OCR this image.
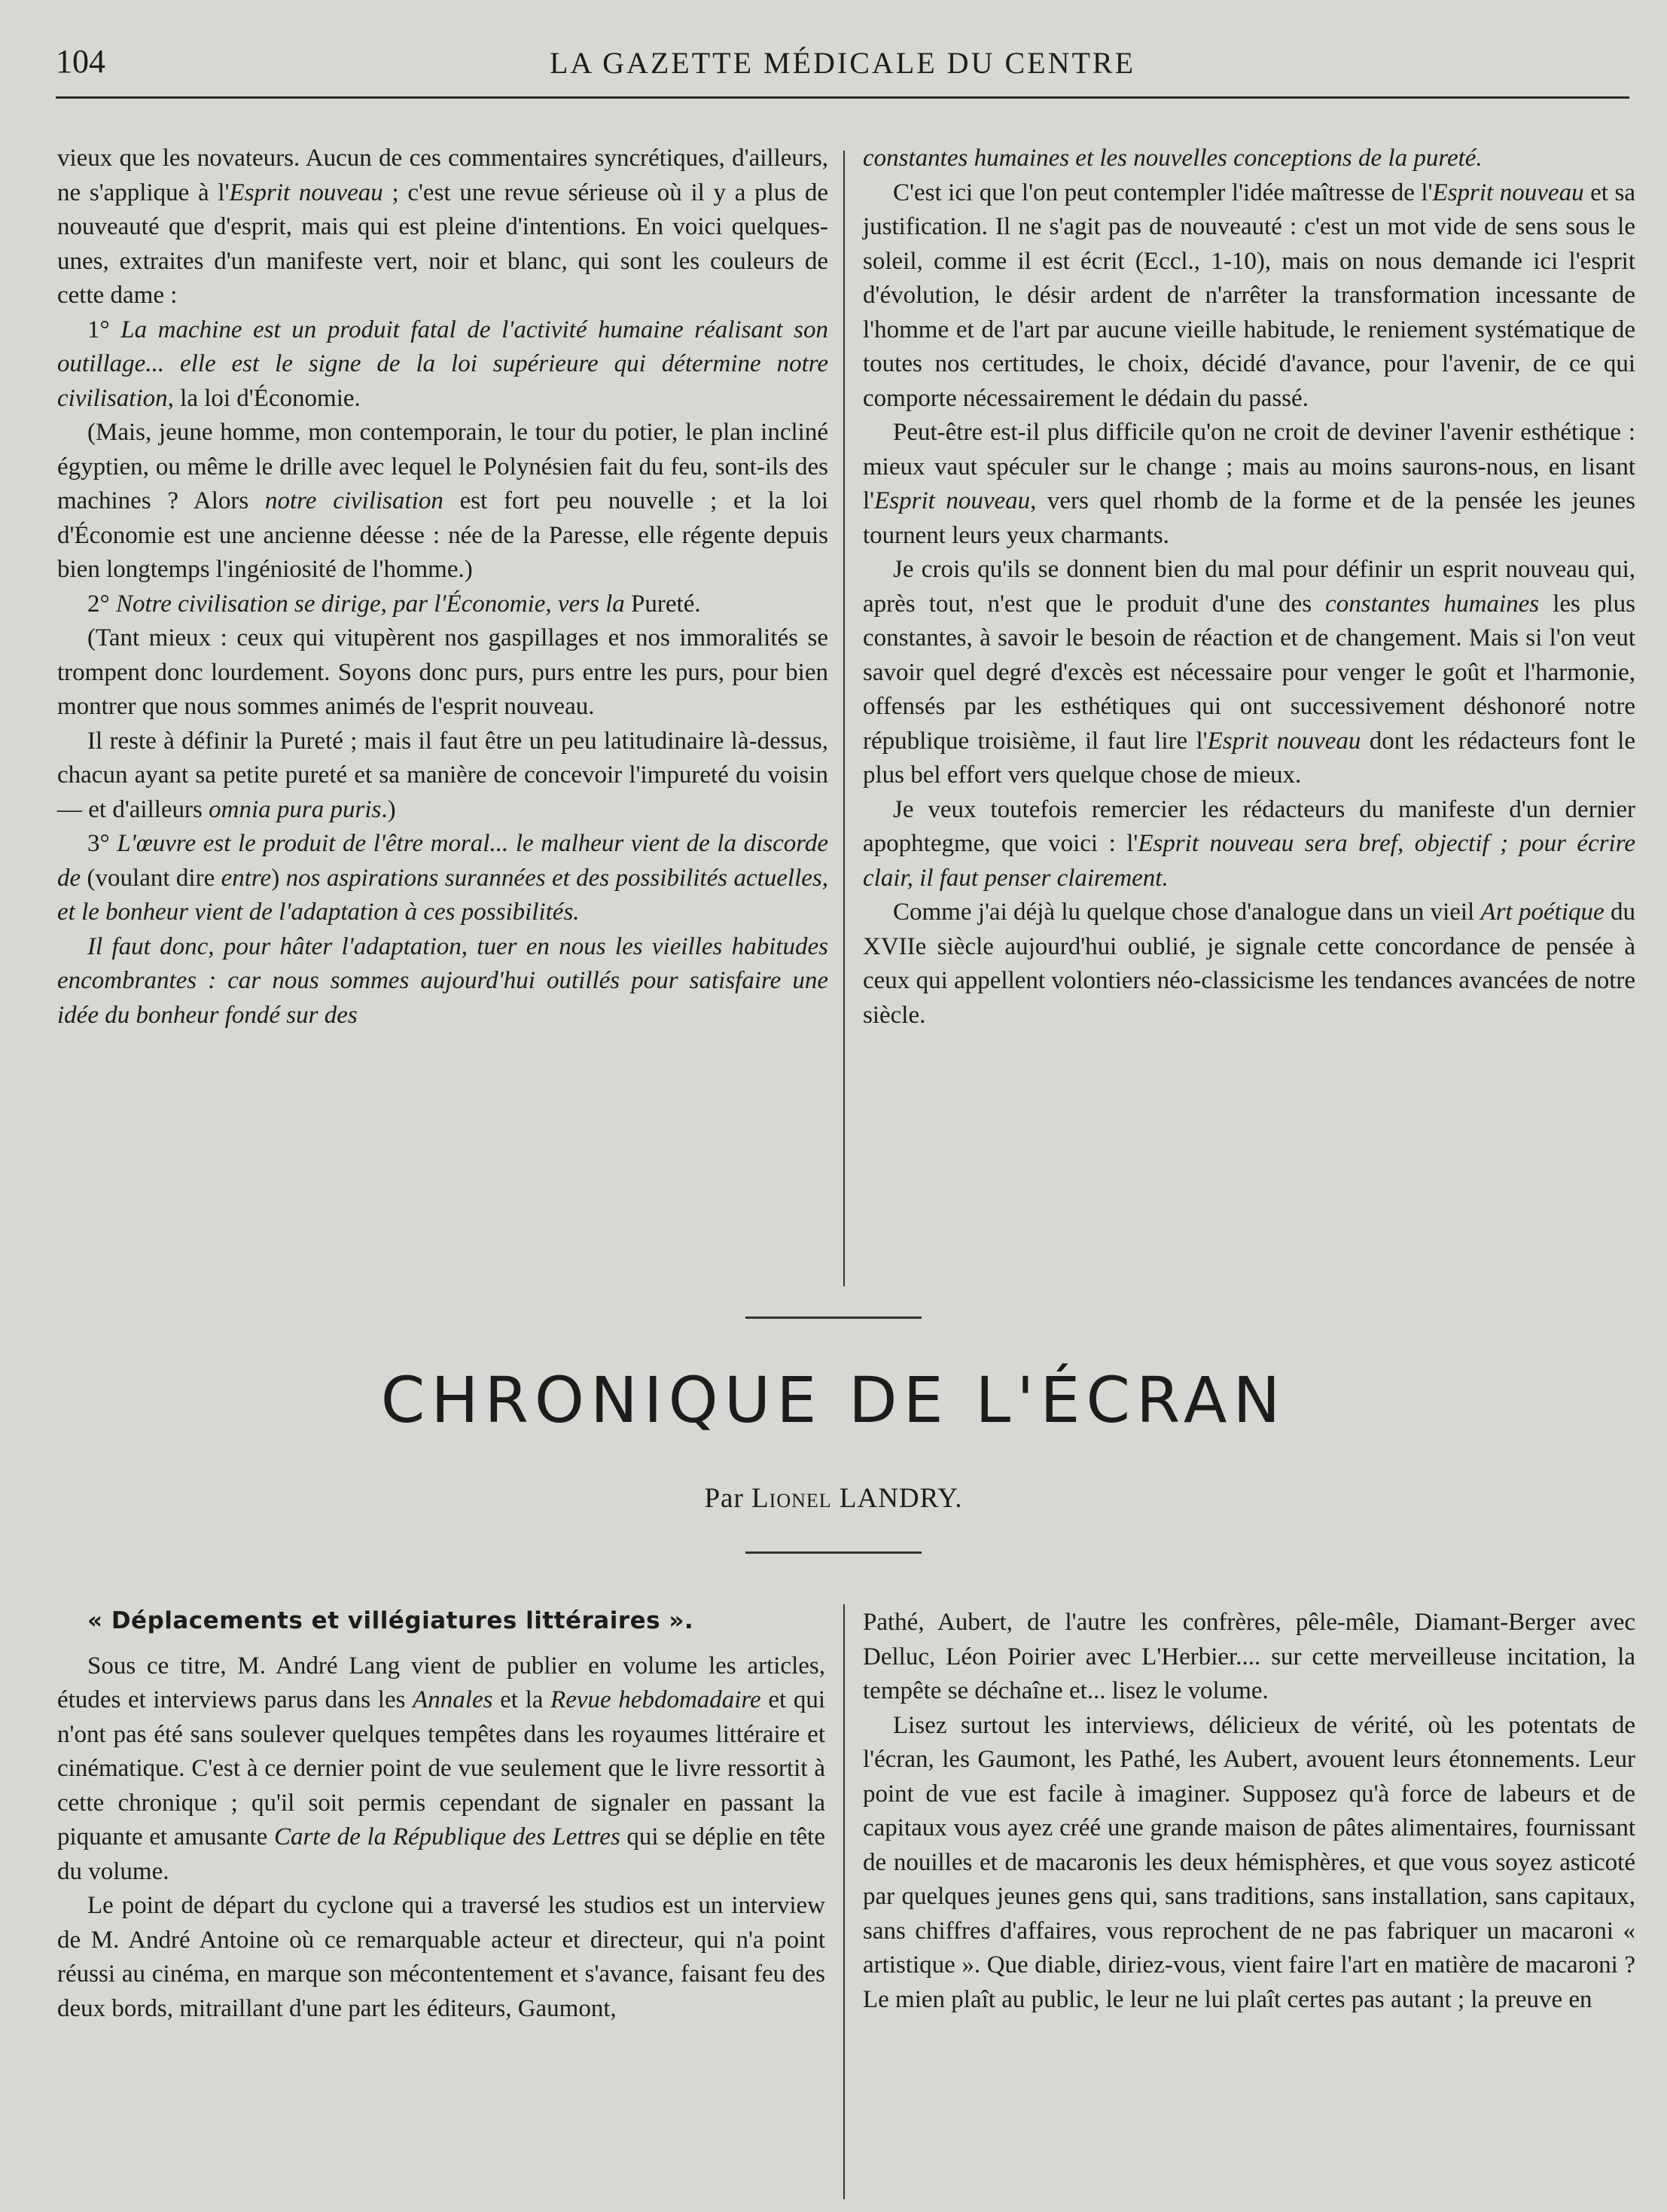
104	LA GAZETTE MÉDICALE DU CENTRE

vieux que les novateurs. Aucun de ces commentaires syncrétiques, d'ailleurs, ne s'applique à l'Esprit nouveau ; c'est une revue sérieuse où il y a plus de nouveauté que d'esprit, mais qui est pleine d'intentions. En voici quelques-unes, extraites d'un manifeste vert, noir et blanc, qui sont les couleurs de cette dame :

1° La machine est un produit fatal de l'activité humaine réalisant son outillage... elle est le signe de la loi supérieure qui détermine notre civilisation, la loi d'Économie.

(Mais, jeune homme, mon contemporain, le tour du potier, le plan incliné égyptien, ou même le drille avec lequel le Polynésien fait du feu, sont-ils des machines ? Alors notre civilisation est fort peu nouvelle ; et la loi d'Économie est une ancienne déesse : née de la Paresse, elle régente depuis bien longtemps l'ingéniosité de l'homme.)

2° Notre civilisation se dirige, par l'Économie, vers la Pureté.

(Tant mieux : ceux qui vitupèrent nos gaspillages et nos immoralités se trompent donc lourdement. Soyons donc purs, purs entre les purs, pour bien montrer que nous sommes animés de l'esprit nouveau.

Il reste à définir la Pureté ; mais il faut être un peu latitudinaire là-dessus, chacun ayant sa petite pureté et sa manière de concevoir l'impureté du voisin — et d'ailleurs omnia pura puris.)

3° L'œuvre est le produit de l'être moral... le malheur vient de la discorde de (voulant dire entre) nos aspirations surannées et des possibilités actuelles, et le bonheur vient de l'adaptation à ces possibilités.

Il faut donc, pour hâter l'adaptation, tuer en nous les vieilles habitudes encombrantes : car nous sommes aujourd'hui outillés pour satisfaire une idée du bonheur fondé sur des

constantes humaines et les nouvelles conceptions de la pureté.

C'est ici que l'on peut contempler l'idée maîtresse de l'Esprit nouveau et sa justification. Il ne s'agit pas de nouveauté : c'est un mot vide de sens sous le soleil, comme il est écrit (Eccl., 1-10), mais on nous demande ici l'esprit d'évolution, le désir ardent de n'arrêter la transformation incessante de l'homme et de l'art par aucune vieille habitude, le reniement systématique de toutes nos certitudes, le choix, décidé d'avance, pour l'avenir, de ce qui comporte nécessairement le dédain du passé.

Peut-être est-il plus difficile qu'on ne croit de deviner l'avenir esthétique : mieux vaut spéculer sur le change ; mais au moins saurons-nous, en lisant l'Esprit nouveau, vers quel rhomb de la forme et de la pensée les jeunes tournent leurs yeux charmants.

Je crois qu'ils se donnent bien du mal pour définir un esprit nouveau qui, après tout, n'est que le produit d'une des constantes humaines les plus constantes, à savoir le besoin de réaction et de changement. Mais si l'on veut savoir quel degré d'excès est nécessaire pour venger le goût et l'harmonie, offensés par les esthétiques qui ont successivement déshonoré notre république troisième, il faut lire l'Esprit nouveau dont les rédacteurs font le plus bel effort vers quelque chose de mieux.

Je veux toutefois remercier les rédacteurs du manifeste d'un dernier apophtegme, que voici : l'Esprit nouveau sera bref, objectif ; pour écrire clair, il faut penser clairement.

Comme j'ai déjà lu quelque chose d'analogue dans un vieil Art poétique du XVIIe siècle aujourd'hui oublié, je signale cette concordance de pensée à ceux qui appellent volontiers néo-classicisme les tendances avancées de notre siècle.

CHRONIQUE DE L'ÉCRAN
Par Lionel LANDRY.
« Déplacements et villégiatures littéraires ».

Sous ce titre, M. André Lang vient de publier en volume les articles, études et interviews parus dans les Annales et la Revue hebdomadaire et qui n'ont pas été sans soulever quelques tempêtes dans les royaumes littéraire et cinématique. C'est à ce dernier point de vue seulement que le livre ressortit à cette chronique ; qu'il soit permis cependant de signaler en passant la piquante et amusante Carte de la République des Lettres qui se déplie en tête du volume.

Le point de départ du cyclone qui a traversé les studios est un interview de M. André Antoine où ce remarquable acteur et directeur, qui n'a point réussi au cinéma, en marque son mécontentement et s'avance, faisant feu des deux bords, mitraillant d'une part les éditeurs, Gaumont,

Pathé, Aubert, de l'autre les confrères, pêle-mêle, Diamant-Berger avec Delluc, Léon Poirier avec L'Herbier.... sur cette merveilleuse incitation, la tempête se déchaîne et... lisez le volume.

Lisez surtout les interviews, délicieux de vérité, où les potentats de l'écran, les Gaumont, les Pathé, les Aubert, avouent leurs étonnements. Leur point de vue est facile à imaginer. Supposez qu'à force de labeurs et de capitaux vous ayez créé une grande maison de pâtes alimentaires, fournissant de nouilles et de macaronis les deux hémisphères, et que vous soyez asticoté par quelques jeunes gens qui, sans traditions, sans installation, sans capitaux, sans chiffres d'affaires, vous reprochent de ne pas fabriquer un macaroni « artistique ». Que diable, diriez-vous, vient faire l'art en matière de macaroni ? Le mien plaît au public, le leur ne lui plaît certes pas autant ; la preuve en
